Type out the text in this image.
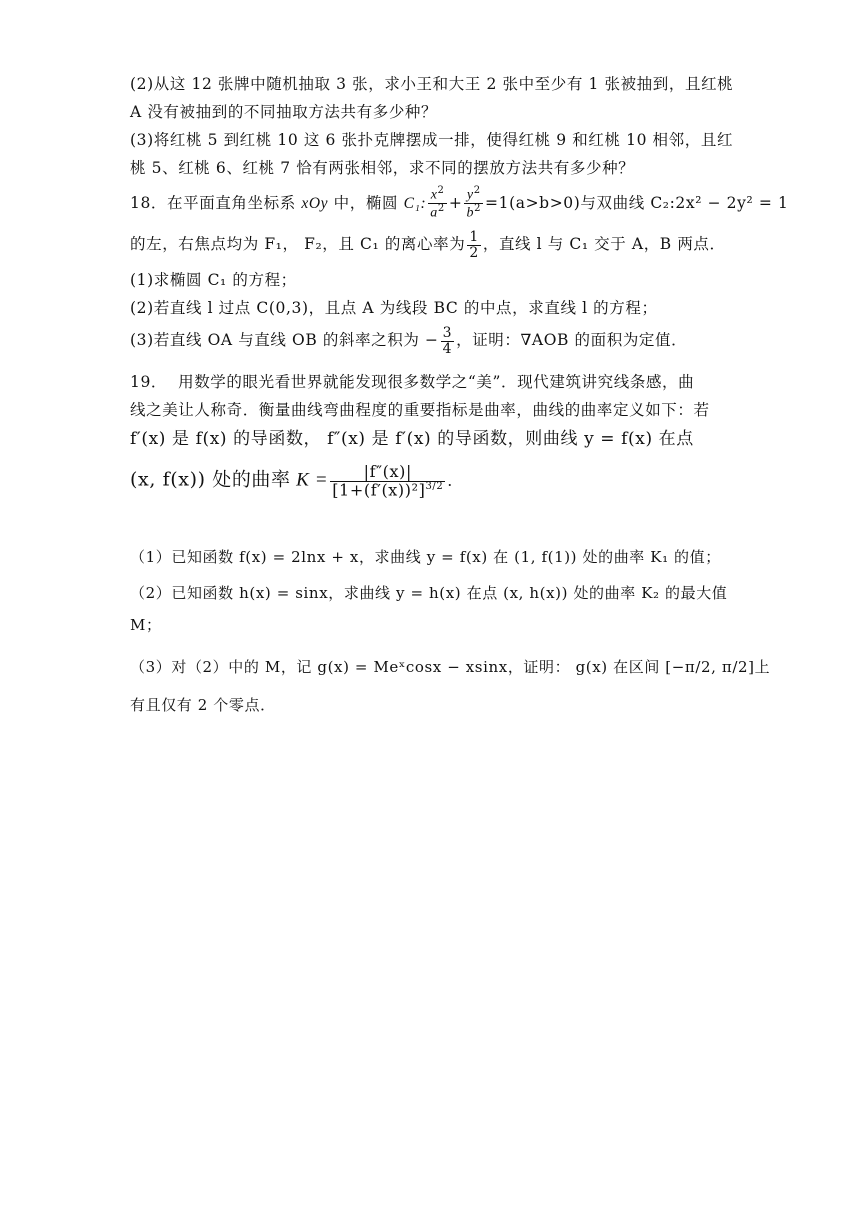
(2)从这 12 张牌中随机抽取 3 张，求小王和大王 2 张中至少有 1 张被抽到，且红桃
A 没有被抽到的不同抽取方法共有多少种？
(3)将红桃 5 到红桃 10 这 6 张扑克牌摆成一排，使得红桃 9 和红桃 10 相邻，且红
桃 5、红桃 6、红桃 7 恰有两张相邻，求不同的摆放方法共有多少种？
18．在平面直角坐标系 xOy 中，椭圆 C₁: $\frac{x^2}{a^2} + \frac{y^2}{b^2} =1(a>b>0)$与双曲线 C₂:2x² − 2y² = 1
的左，右焦点均为 F₁， F₂，且 C₁ 的离心率为 $\frac{1}{2}$ ，直线 l 与 C₁ 交于 A，B 两点．
(1)求椭圆 C₁ 的方程；
(2)若直线 l 过点 C(0,3)，且点 A 为线段 BC 的中点，求直线 l 的方程；
(3)若直线 OA 与直线 OB 的斜率之积为 − $\frac{3}{4}$ ，证明：∇AOB 的面积为定值．
19． 用数学的眼光看世界就能发现很多数学之“美”．现代建筑讲究线条感，曲
线之美让人称奇．衡量曲线弯曲程度的重要指标是曲率，曲线的曲率定义如下：若
f′(x) 是 f(x) 的导函数， f″(x) 是 f′(x) 的导函数，则曲线 y = f(x) 在点
(x, f(x)) 处的曲率 $K = \frac{|f''(x)|}{[1+(f'(x))^2]^{3/2}}$ ．
（1）已知函数 f(x) = 2lnx + x，求曲线 y = f(x) 在 (1, f(1)) 处的曲率 K₁ 的值；
（2）已知函数 h(x) = sinx，求曲线 y = h(x) 在点 (x, h(x)) 处的曲率 K₂ 的最大值
M；
（3）对（2）中的 M，记 g(x) = Meˣcosx − xsinx，证明： g(x) 在区间 [−π/2, π/2]上
有且仅有 2 个零点．
